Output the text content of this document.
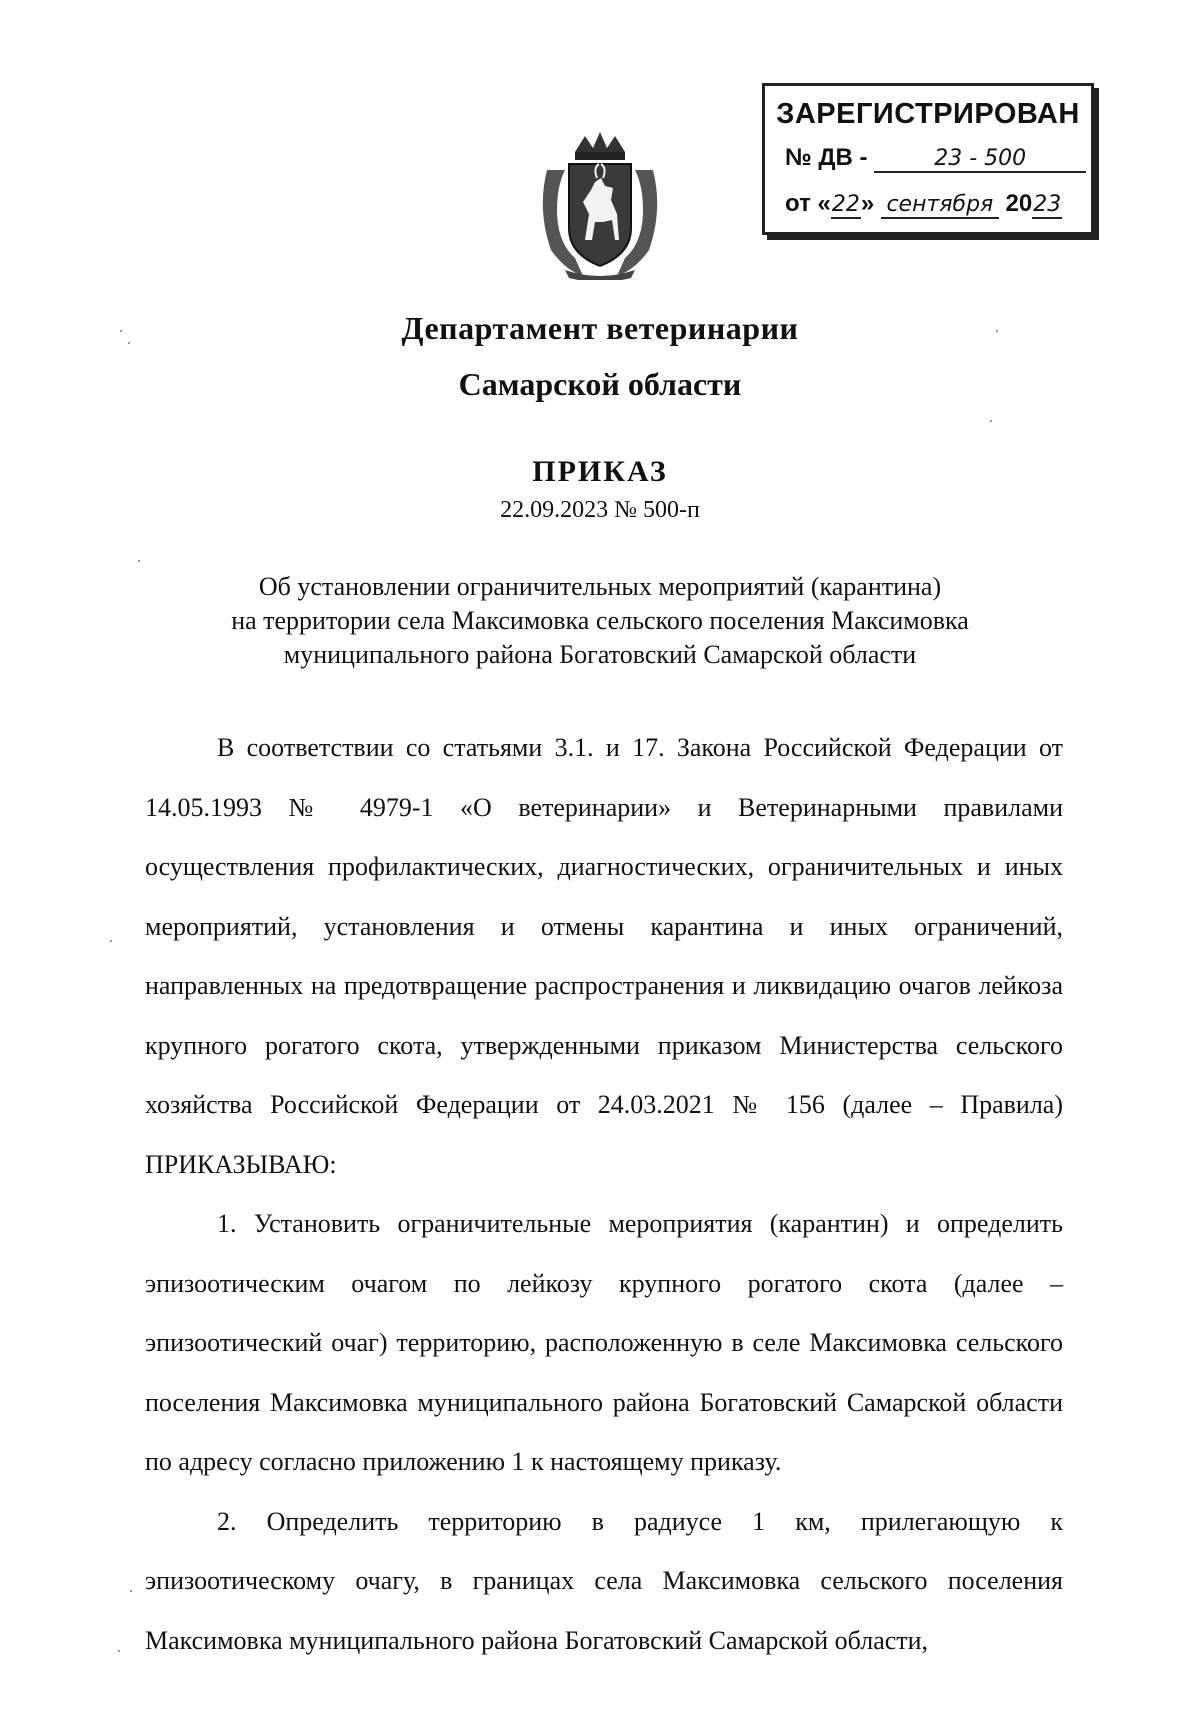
ЗАРЕГИСТРИРОВАН
№ ДВ -	23 - 500
от «22» сентября 2023
Департамент ветеринарии
Самарской области
ПРИКАЗ
22.09.2023 № 500-п
Об установлении ограничительных мероприятий (карантина)
на территории села Максимовка сельского поселения Максимовка
муниципального района Богатовский Самарской области

В соответствии со статьями 3.1. и 17. Закона Российской Федерации от 14.05.1993 № 4979-1 «О ветеринарии» и Ветеринарными правилами осуществления профилактических, диагностических, ограничительных и иных мероприятий, установления и отмены карантина и иных ограничений, направленных на предотвращение распространения и ликвидацию очагов лейкоза крупного рогатого скота, утвержденными приказом Министерства сельского хозяйства Российской Федерации от 24.03.2021 № 156 (далее – Правила) ПРИКАЗЫВАЮ:

1. Установить ограничительные мероприятия (карантин) и определить эпизоотическим очагом по лейкозу крупного рогатого скота (далее – эпизоотический очаг) территорию, расположенную в селе Максимовка сельского поселения Максимовка муниципального района Богатовский Самарской области по адресу согласно приложению 1 к настоящему приказу.

2. Определить территорию в радиусе 1 км, прилегающую к эпизоотическому очагу, в границах села Максимовка сельского поселения Максимовка муниципального района Богатовский Самарской области,
